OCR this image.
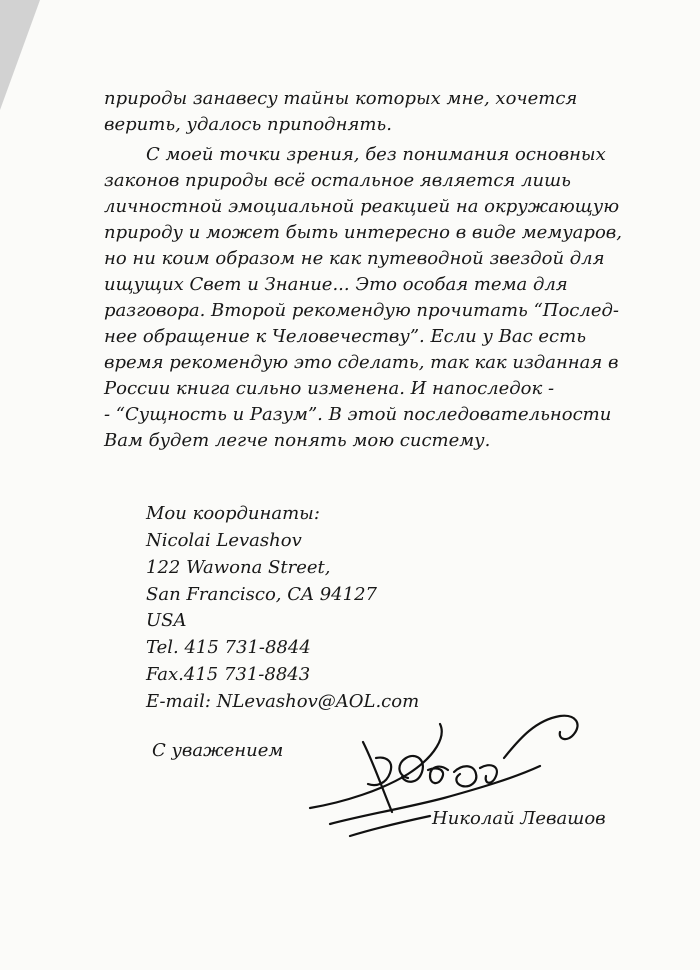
природы занавесу тайны которых мне, хочется
верить, удалось приподнять.
С моей точки зрения, без понимания основных
законов природы всё остальное является лишь
личностной эмоциальной реакцией на окружающую
природу и может быть интересно в виде мемуаров,
но ни коим образом не как путеводной звездой для
ищущих Свет и Знание... Это особая тема для
разговора. Второй рекомендую прочитать “Послед-
нее обращение к Человечеству”. Если у Вас есть
время рекомендую это сделать, так как изданная в
России книга сильно изменена. И напоследок -
- “Сущность и Разум”. В этой последовательности
Вам будет легче понять мою систему.
Мои координаты:
Nicolai Levashov
122 Wawona Street,
San Francisco, CA 94127
USA
Tel. 415 731-8844
Fax.415 731-8843
E-mail: NLevashov@AOL.com
С уважением
Николай Левашов
